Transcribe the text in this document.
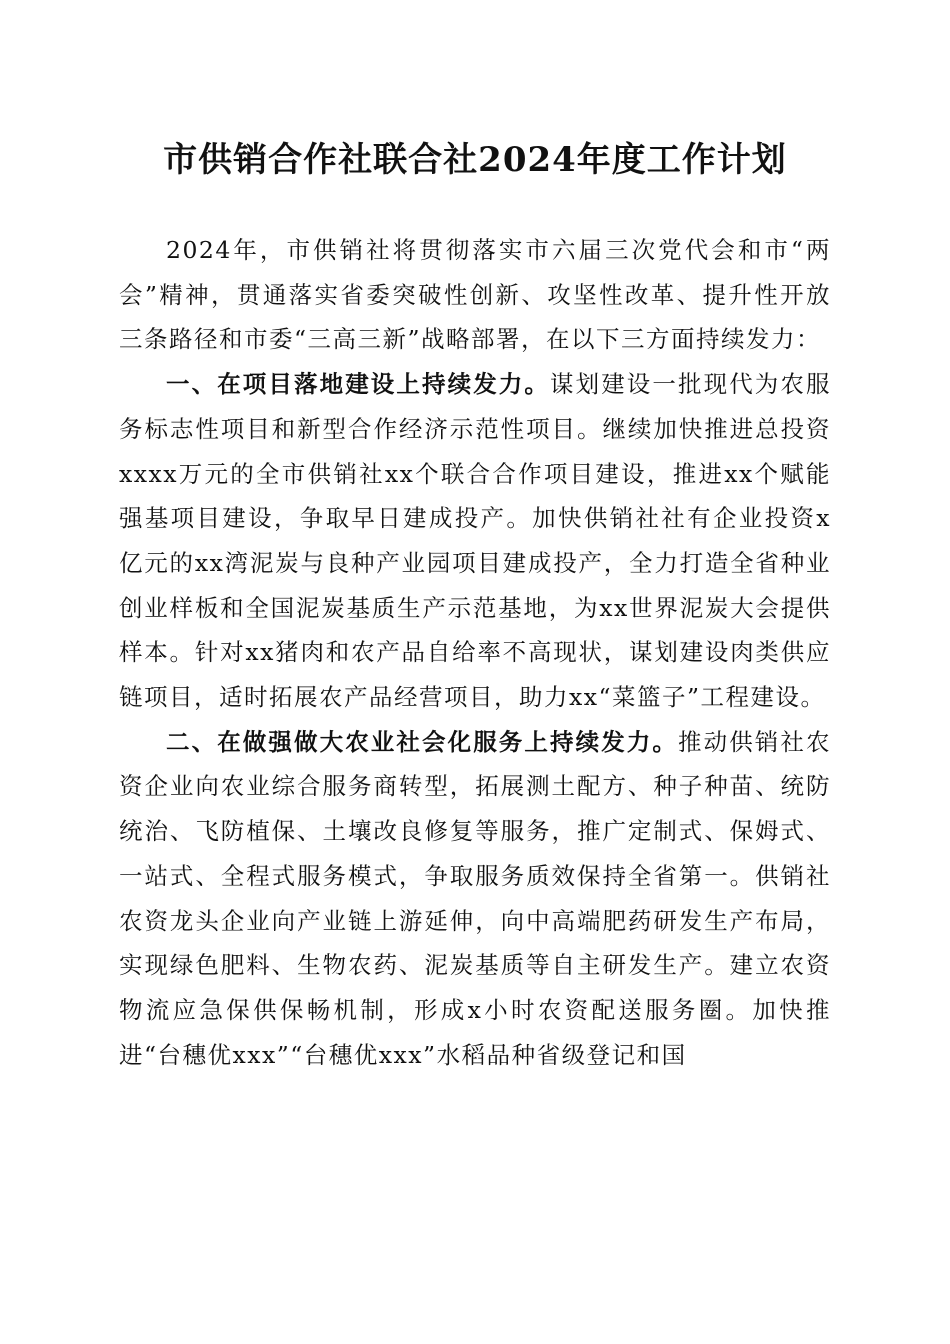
市供销合作社联合社2024年度工作计划

2024年，市供销社将贯彻落实市六届三次党代会和市“两会”精神，贯通落实省委突破性创新、攻坚性改革、提升性开放三条路径和市委“三高三新”战略部署，在以下三方面持续发力：

一、在项目落地建设上持续发力。谋划建设一批现代为农服务标志性项目和新型合作经济示范性项目。继续加快推进总投资xxxx万元的全市供销社xx个联合合作项目建设，推进xx个赋能强基项目建设，争取早日建成投产。加快供销社社有企业投资x亿元的xx湾泥炭与良种产业园项目建成投产，全力打造全省种业创业样板和全国泥炭基质生产示范基地，为xx世界泥炭大会提供样本。针对xx猪肉和农产品自给率不高现状，谋划建设肉类供应链项目，适时拓展农产品经营项目，助力xx“菜篮子”工程建设。

二、在做强做大农业社会化服务上持续发力。推动供销社农资企业向农业综合服务商转型，拓展测土配方、种子种苗、统防统治、飞防植保、土壤改良修复等服务，推广定制式、保姆式、一站式、全程式服务模式，争取服务质效保持全省第一。供销社农资龙头企业向产业链上游延伸，向中高端肥药研发生产布局，实现绿色肥料、生物农药、泥炭基质等自主研发生产。建立农资物流应急保供保畅机制，形成x小时农资配送服务圈。加快推进“台穗优xxx”“台穗优xxx”水稻品种省级登记和国
